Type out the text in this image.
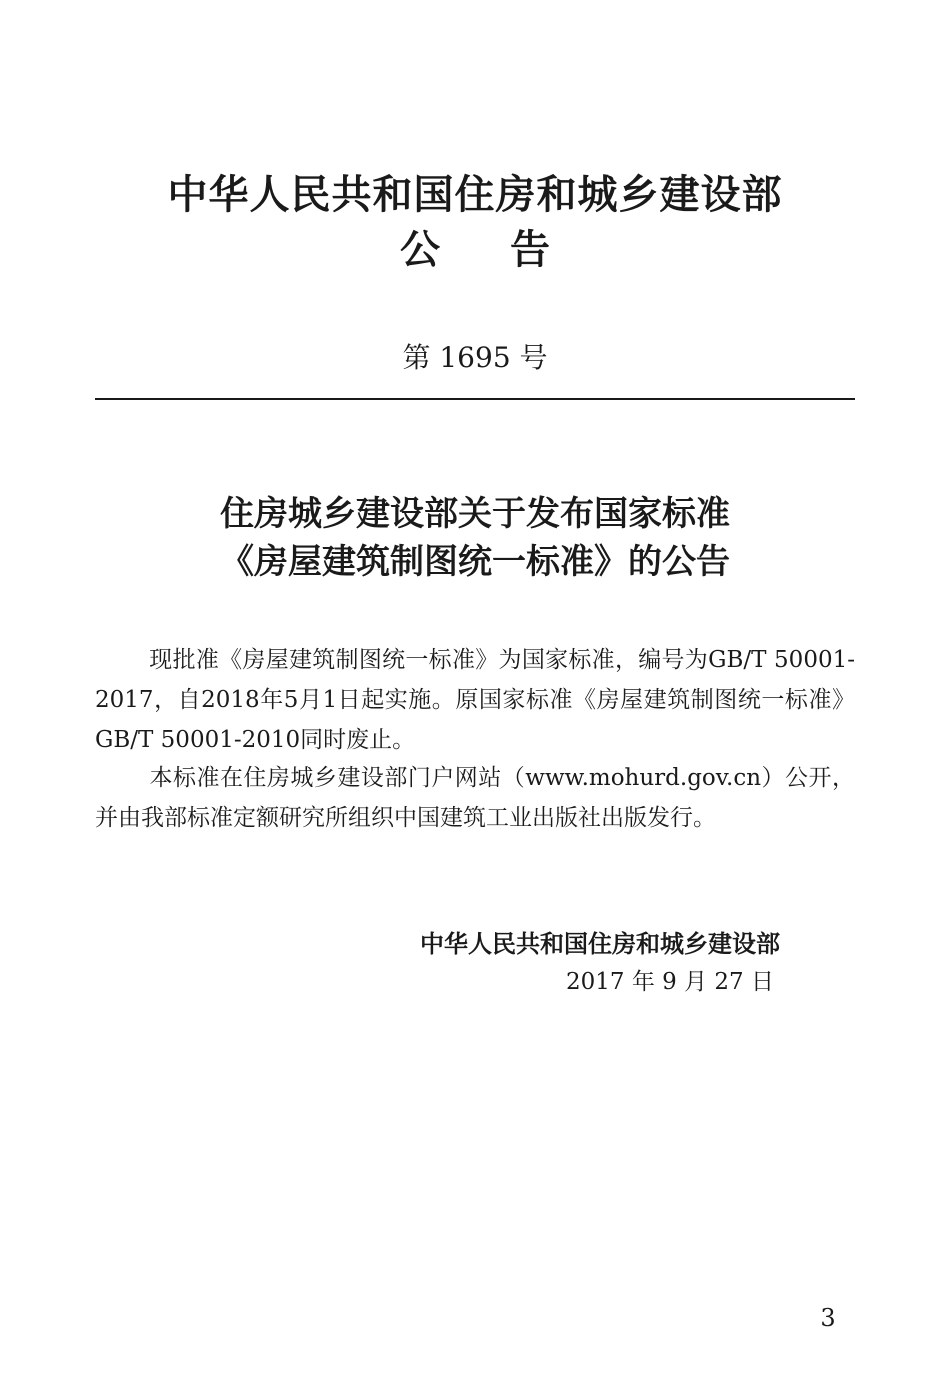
中华人民共和国住房和城乡建设部
公告

第 1695 号

住房城乡建设部关于发布国家标准
《房屋建筑制图统一标准》的公告

现批准《房屋建筑制图统一标准》为国家标准，编号为GB/T 50001-2017，自2018年5月1日起实施。原国家标准《房屋建筑制图统一标准》GB/T 50001-2010同时废止。

本标准在住房城乡建设部门户网站（www.mohurd.gov.cn）公开，并由我部标准定额研究所组织中国建筑工业出版社出版发行。

中华人民共和国住房和城乡建设部

2017 年 9 月 27 日

3
